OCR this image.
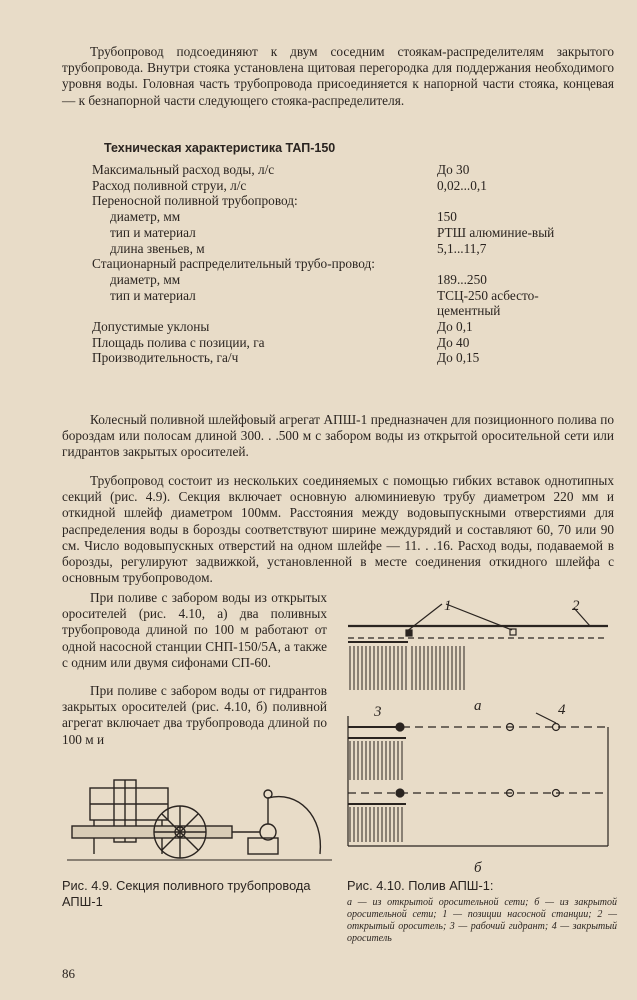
Трубопровод подсоединяют к двум соседним стоякам-распределителям закрытого трубопровода. Внутри стояка установлена щитовая перегородка для поддержания необходимого уровня воды. Головная часть трубопровода присоединяется к напорной части стояка, концевая — к безнапорной части следующего стояка-распределителя.

Техническая характеристика ТАП-150
Максимальный расход воды, л/с	До 30
Расход поливной струи, л/с	0,02...0,1
Переносной поливной трубопровод:
диаметр, мм	150
тип и материал	РТШ алюминие-вый
длина звеньев, м	5,1...11,7
Стационарный распределительный трубо-провод:
диаметр, мм	189...250
тип и материал	ТСЦ-250 асбесто-цементный
Допустимые уклоны	До 0,1
Площадь полива с позиции, га	До 40
Производительность, га/ч	До 0,15

Колесный поливной шлейфовый агрегат АПШ-1 предназначен для позиционного полива по бороздам или полосам длиной 300. . .500 м с забором воды из открытой оросительной сети или гидрантов закрытых оросителей.

Трубопровод состоит из нескольких соединяемых с помощью гибких вставок однотипных секций (рис. 4.9). Секция включает основную алюминиевую трубу диаметром 220 мм и откидной шлейф диаметром 100мм. Расстояния между водовыпускными отверстиями для распределения воды в борозды соответствуют ширине междурядий и составляют 60, 70 или 90 см. Число водовыпускных отверстий на одном шлейфе — 11. . .16. Расход воды, подаваемой в борозды, регулируют задвижкой, установленной в месте соединения откидного шлейфа с основным трубопроводом.

При поливе с забором воды из открытых оросителей (рис. 4.10, а) два поливных трубопровода длиной по 100 м работают от одной насосной станции СНП-150/5А, а также с одним или двумя сифонами СП-60.

При поливе с забором воды от гидрантов закрытых оросителей (рис. 4.10, б) поливной агрегат включает два трубопровода длиной по 100 м и

1	2
3	4
а
б
Рис. 4.9. Секция поливного трубопровода АПШ-1
Рис. 4.10. Полив АПШ-1:
а — из открытой оросительной сети; б — из закрытой оросительной сети; 1 — позиции насосной станции; 2 — открытый ороситель; 3 — рабочий гидрант; 4 — закрытый ороситель
86
